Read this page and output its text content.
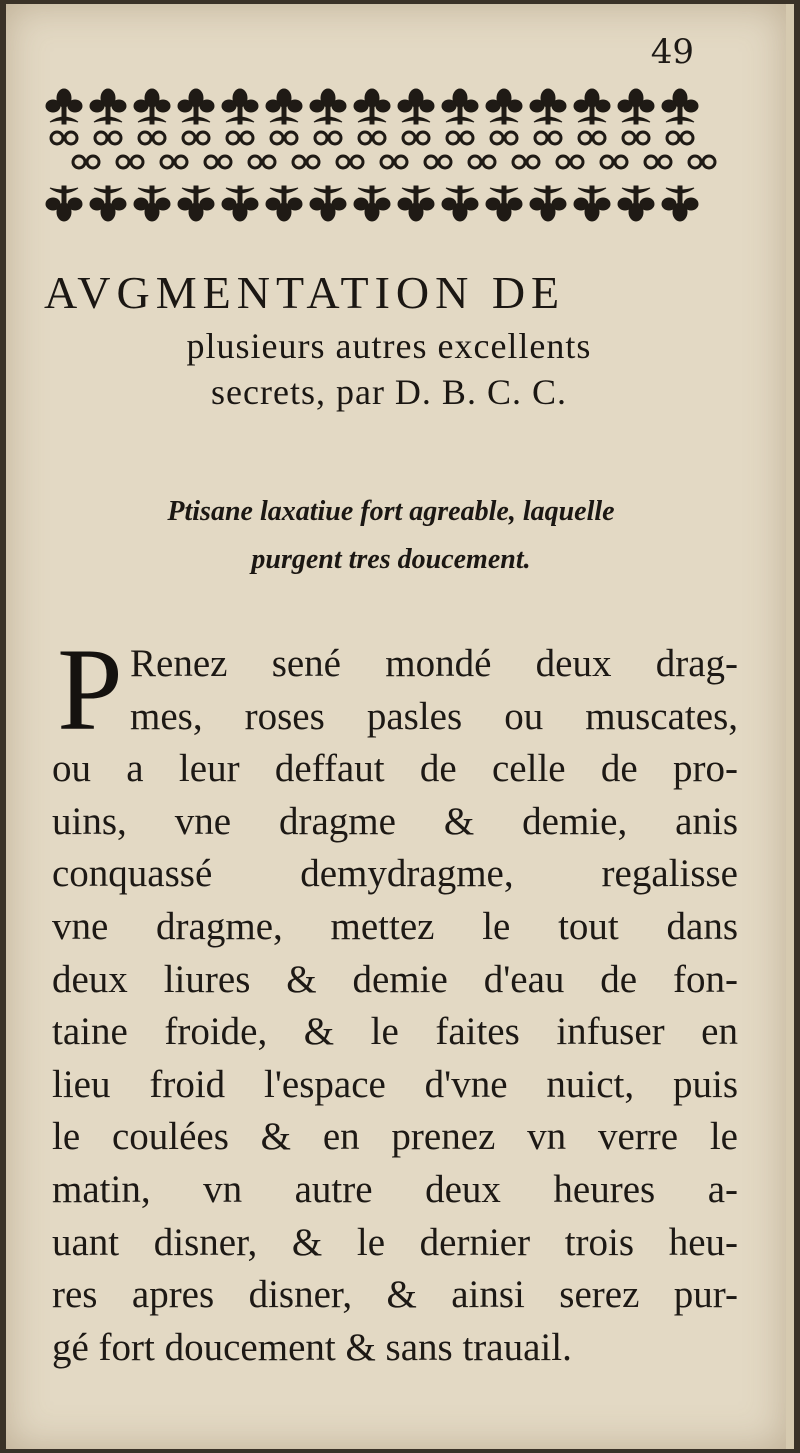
49
AVGMENTATION DE
plusieurs autres excellents
secrets, par D. B. C. C.
Ptisane laxatiue fort agreable, laquelle
purgent tres doucement.
P Renez sené mondé deux drag-
mes, roses pasles ou muscates,
ou a leur deffaut de celle de pro-
uins, vne dragme & demie, anis
conquassé demydragme, regalisse
vne dragme, mettez le tout dans
deux liures & demie d'eau de fon-
taine froide, & le faites infuser en
lieu froid l'espace d'vne nuict, puis
le coulées & en prenez vn verre le
matin, vn autre deux heures a-
uant disner, & le dernier trois heu-
res apres disner, & ainsi serez pur-
gé fort doucement & sans trauail.
